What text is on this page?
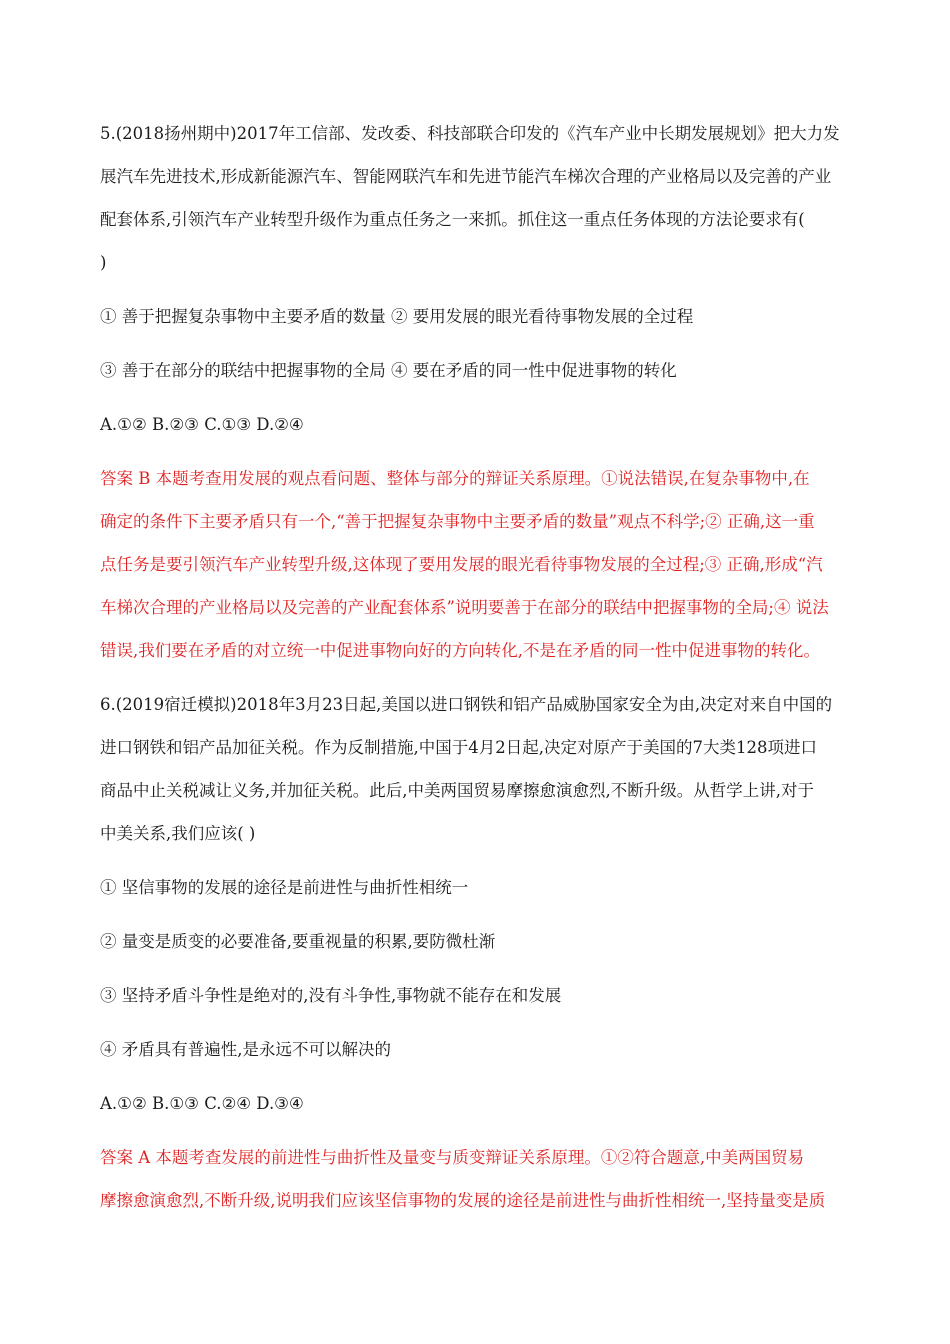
5.(2018扬州期中)2017年工信部、发改委、科技部联合印发的《汽车产业中长期发展规划》把大力发
展汽车先进技术,形成新能源汽车、智能网联汽车和先进节能汽车梯次合理的产业格局以及完善的产业
配套体系,引领汽车产业转型升级作为重点任务之一来抓。抓住这一重点任务体现的方法论要求有(
)
① 善于把握复杂事物中主要矛盾的数量 ② 要用发展的眼光看待事物发展的全过程
③ 善于在部分的联结中把握事物的全局 ④ 要在矛盾的同一性中促进事物的转化
A.①② B.②③ C.①③ D.②④
答案 B 本题考查用发展的观点看问题、整体与部分的辩证关系原理。①说法错误,在复杂事物中,在
确定的条件下主要矛盾只有一个,“善于把握复杂事物中主要矛盾的数量”观点不科学;② 正确,这一重
点任务是要引领汽车产业转型升级,这体现了要用发展的眼光看待事物发展的全过程;③ 正确,形成“汽
车梯次合理的产业格局以及完善的产业配套体系”说明要善于在部分的联结中把握事物的全局;④ 说法
错误,我们要在矛盾的对立统一中促进事物向好的方向转化,不是在矛盾的同一性中促进事物的转化。
6.(2019宿迁模拟)2018年3月23日起,美国以进口钢铁和铝产品威胁国家安全为由,决定对来自中国的
进口钢铁和铝产品加征关税。作为反制措施,中国于4月2日起,决定对原产于美国的7大类128项进口
商品中止关税减让义务,并加征关税。此后,中美两国贸易摩擦愈演愈烈,不断升级。从哲学上讲,对于
中美关系,我们应该( )
① 坚信事物的发展的途径是前进性与曲折性相统一
② 量变是质变的必要准备,要重视量的积累,要防微杜渐
③ 坚持矛盾斗争性是绝对的,没有斗争性,事物就不能存在和发展
④ 矛盾具有普遍性,是永远不可以解决的
A.①② B.①③ C.②④ D.③④
答案 A 本题考查发展的前进性与曲折性及量变与质变辩证关系原理。①②符合题意,中美两国贸易
摩擦愈演愈烈,不断升级,说明我们应该坚信事物的发展的途径是前进性与曲折性相统一,坚持量变是质
